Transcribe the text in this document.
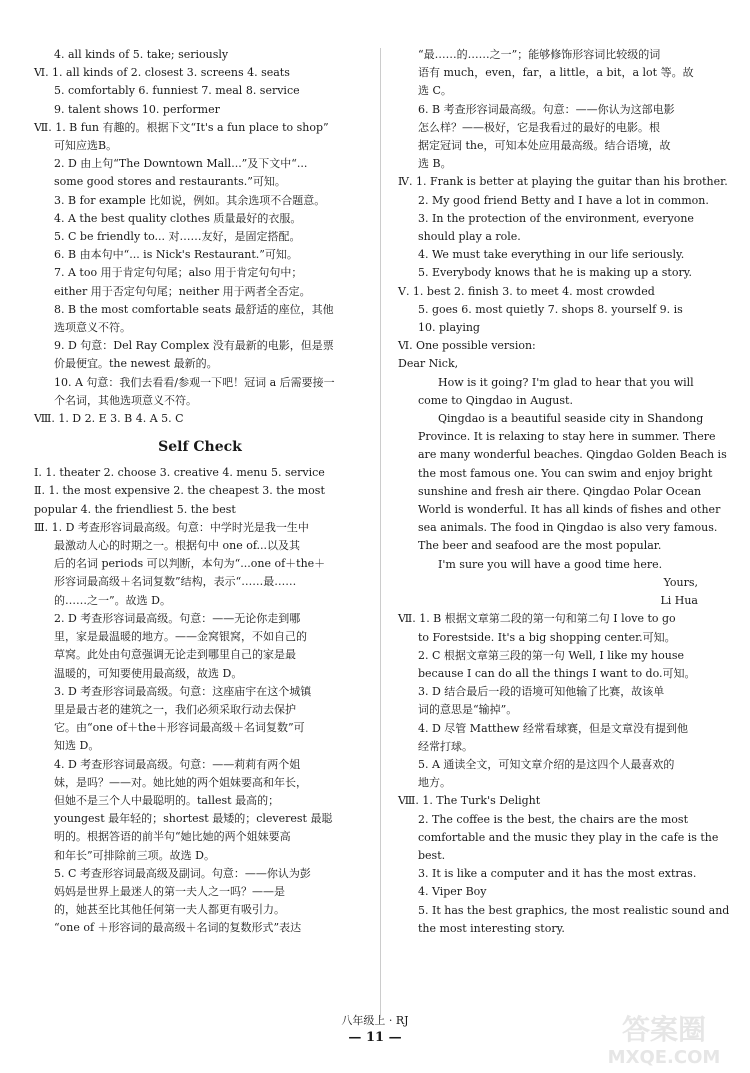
4. all kinds of 5. take; seriously
Ⅵ. 1. all kinds of 2. closest 3. screens 4. seats
5. comfortably 6. funniest 7. meal 8. service
9. talent shows 10. performer
Ⅶ. 1. B fun 有趣的。根据下文“It's a fun place to shop”
可知应选B。
2. D 由上句“The Downtown Mall...”及下文中“...
some good stores and restaurants.”可知。
3. B for example 比如说，例如。其余选项不合题意。
4. A the best quality clothes 质量最好的衣服。
5. C be friendly to... 对……友好，是固定搭配。
6. B 由本句中“... is Nick's Restaurant.”可知。
7. A too 用于肯定句句尾；also 用于肯定句句中；
either 用于否定句句尾；neither 用于两者全否定。
8. B the most comfortable seats 最舒适的座位，其他
选项意义不符。
9. D 句意：Del Ray Complex 没有最新的电影，但是票
价最便宜。the newest 最新的。
10. A 句意：我们去看看/参观一下吧！冠词 a 后需要接一
个名词，其他选项意义不符。
Ⅷ. 1. D 2. E 3. B 4. A 5. C
Self Check
Ⅰ. 1. theater 2. choose 3. creative 4. menu 5. service
Ⅱ. 1. the most expensive 2. the cheapest 3. the most
popular 4. the friendliest 5. the best
Ⅲ. 1. D 考查形容词最高级。句意：中学时光是我一生中
最激动人心的时期之一。根据句中 one of...以及其
后的名词 periods 可以判断，本句为“...one of＋the＋
形容词最高级＋名词复数”结构，表示“……最……
的……之一”。故选 D。
2. D 考查形容词最高级。句意：——无论你走到哪
里，家是最温暖的地方。——金窝银窝，不如自己的
草窝。此处由句意强调无论走到哪里自己的家是最
温暖的，可知要使用最高级，故选 D。
3. D 考查形容词最高级。句意：这座庙宇在这个城镇
里是最古老的建筑之一，我们必须采取行动去保护
它。由“one of＋the＋形容词最高级＋名词复数”可
知选 D。
4. D 考查形容词最高级。句意：——莉莉有两个姐
妹，是吗？——对。她比她的两个姐妹要高和年长，
但她不是三个人中最聪明的。tallest 最高的；
youngest 最年轻的；shortest 最矮的；cleverest 最聪
明的。根据答语的前半句“她比她的两个姐妹要高
和年长”可排除前三项。故选 D。
5. C 考查形容词最高级及副词。句意：——你认为彭
妈妈是世界上最迷人的第一夫人之一吗？——是
的，她甚至比其他任何第一夫人都更有吸引力。
“one of ＋形容词的最高级＋名词的复数形式”表达
“最……的……之一”；能够修饰形容词比较级的词
语有 much，even，far，a little，a bit，a lot 等。故
选 C。
6. B 考查形容词最高级。句意：——你认为这部电影
怎么样？——极好，它是我看过的最好的电影。根
据定冠词 the，可知本处应用最高级。结合语境，故
选 B。
Ⅳ. 1. Frank is better at playing the guitar than his brother.
2. My good friend Betty and I have a lot in common.
3. In the protection of the environment, everyone
should play a role.
4. We must take everything in our life seriously.
5. Everybody knows that he is making up a story.
Ⅴ. 1. best 2. finish 3. to meet 4. most crowded
5. goes 6. most quietly 7. shops 8. yourself 9. is
10. playing
Ⅵ. One possible version:
Dear Nick,
How is it going? I'm glad to hear that you will
come to Qingdao in August.
Qingdao is a beautiful seaside city in Shandong
Province. It is relaxing to stay here in summer. There
are many wonderful beaches. Qingdao Golden Beach is
the most famous one. You can swim and enjoy bright
sunshine and fresh air there. Qingdao Polar Ocean
World is wonderful. It has all kinds of fishes and other
sea animals. The food in Qingdao is also very famous.
The beer and seafood are the most popular.
I'm sure you will have a good time here.
Yours,
Li Hua
Ⅶ. 1. B 根据文章第二段的第一句和第二句 I love to go
to Forestside. It's a big shopping center.可知。
2. C 根据文章第三段的第一句 Well, I like my house
because I can do all the things I want to do.可知。
3. D 结合最后一段的语境可知他输了比赛，故该单
词的意思是“输掉”。
4. D 尽管 Matthew 经常看球赛，但是文章没有提到他
经常打球。
5. A 通读全文，可知文章介绍的是这四个人最喜欢的
地方。
Ⅷ. 1. The Turk's Delight
2. The coffee is the best, the chairs are the most
comfortable and the music they play in the cafe is the
best.
3. It is like a computer and it has the most extras.
4. Viper Boy
5. It has the best graphics, the most realistic sound and
the most interesting story.
八年级上 · RJ
— 11 —	答案圈
MXQE.COM
